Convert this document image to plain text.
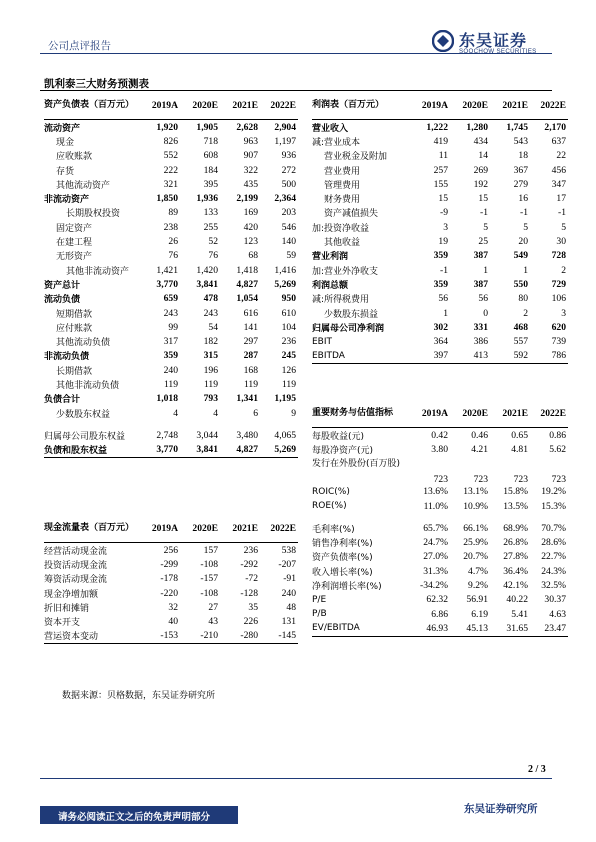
公司点评报告	东吴证券
SOOCHOW SECURITIES
凯利泰三大财务预测表
资产负债表（百万元）	2019A	2020E	2021E	2022E
流动资产	1,920	1,905	2,628	2,904
现金	826	718	963	1,197
应收账款	552	608	907	936
存货	222	184	322	272
其他流动资产	321	395	435	500
非流动资产	1,850	1,936	2,199	2,364
长期股权投资	89	133	169	203
固定资产	238	255	420	546
在建工程	26	52	123	140
无形资产	76	76	68	59
其他非流动资产	1,421	1,420	1,418	1,416
资产总计	3,770	3,841	4,827	5,269
流动负债	659	478	1,054	950
短期借款	243	243	616	610
应付账款	99	54	141	104
其他流动负债	317	182	297	236
非流动负债	359	315	287	245
长期借款	240	196	168	126
其他非流动负债	119	119	119	119
负债合计	1,018	793	1,341	1,195
少数股东权益	4	4	6	9

归属母公司股东权益	2,748	3,044	3,480	4,065
负债和股东权益	3,770	3,841	4,827	5,269
利润表（百万元）	2019A	2020E	2021E	2022E
营业收入	1,222	1,280	1,745	2,170
减:营业成本	419	434	543	637
营业税金及附加	11	14	18	22
营业费用	257	269	367	456
管理费用	155	192	279	347
财务费用	15	15	16	17
资产减值损失	-9	-1	-1	-1
加:投资净收益	3	5	5	5
其他收益	19	25	20	30
营业利润	359	387	549	728
加:营业外净收支	-1	1	1	2
利润总额	359	387	550	729
减:所得税费用	56	56	80	106
少数股东损益	1	0	2	3
归属母公司净利润	302	331	468	620
EBIT	364	386	557	739
EBITDA	397	413	592	786
重要财务与估值指标	2019A	2020E	2021E	2022E
每股收益(元)	0.42	0.46	0.65	0.86
每股净资产(元)	3.80	4.21	4.81	5.62
发行在外股份(百万股)	723	723	723	723
ROIC(%)	13.6%	13.1%	15.8%	19.2%
ROE(%)	11.0%	10.9%	13.5%	15.3%

毛利率(%)	65.7%	66.1%	68.9%	70.7%
销售净利率(%)	24.7%	25.9%	26.8%	28.6%
资产负债率(%)	27.0%	20.7%	27.8%	22.7%
收入增长率(%)	31.3%	4.7%	36.4%	24.3%
净利润增长率(%)	-34.2%	9.2%	42.1%	32.5%
P/E	62.32	56.91	40.22	30.37
P/B	6.86	6.19	5.41	4.63
EV/EBITDA	46.93	45.13	31.65	23.47
现金流量表（百万元）	2019A	2020E	2021E	2022E
经营活动现金流	256	157	236	538
投资活动现金流	-299	-108	-292	-207
筹资活动现金流	-178	-157	-72	-91
现金净增加额	-220	-108	-128	240
折旧和摊销	32	27	35	48
资本开支	40	43	226	131
营运资本变动	-153	-210	-280	-145
数据来源：贝格数据，东吴证券研究所
2 / 3
请务必阅读正文之后的免责声明部分
东吴证券研究所
